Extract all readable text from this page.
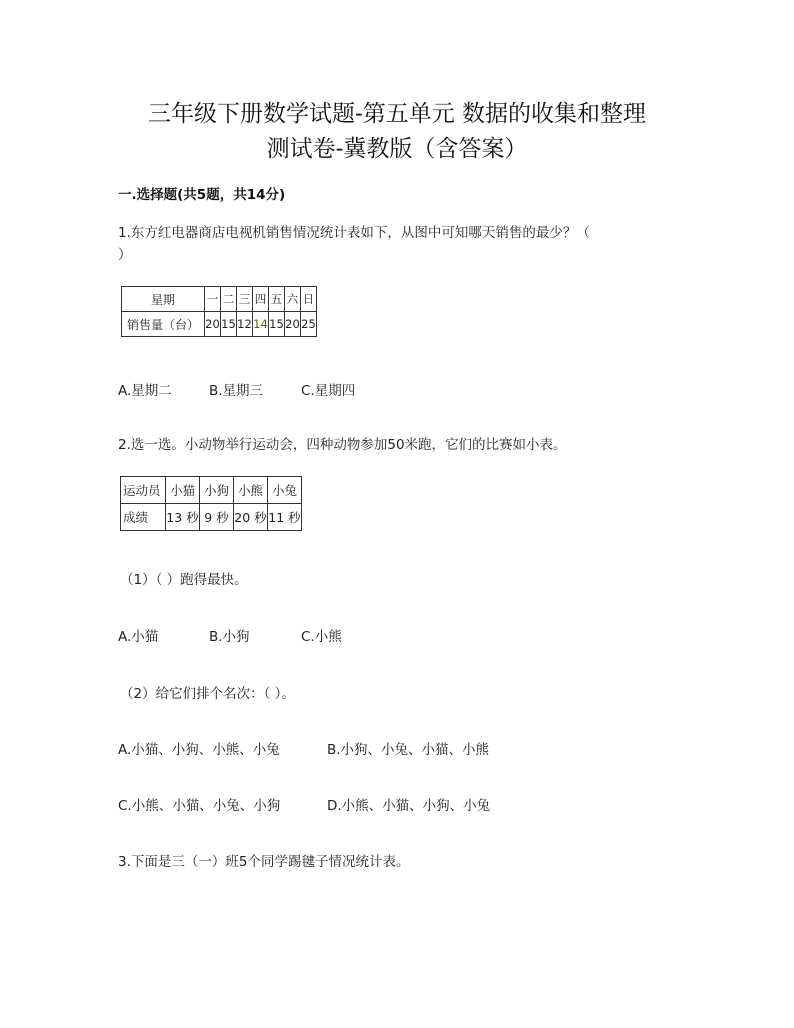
三年级下册数学试题-第五单元 数据的收集和整理
测试卷-冀教版（含答案）
一.选择题(共5题，共14分)
1.东方红电器商店电视机销售情况统计表如下，从图中可知哪天销售的最少？（
）
星期	一	二	三	四	五	六	日
销售量（台）	20	15	12	14	15	20	25
A.星期二	B.星期三	C.星期四
2.选一选。小动物举行运动会，四种动物参加50米跑，它们的比赛如小表。
运动员	小猫	小狗	小熊	小兔
成绩	13 秒	9 秒	20 秒	11 秒
（1）（ ）跑得最快。
A.小猫	B.小狗	C.小熊
（2）给它们排个名次：（ ）。
A.小猫、小狗、小熊、小兔	B.小狗、小兔、小猫、小熊
C.小熊、小猫、小兔、小狗	D.小熊、小猫、小狗、小兔
3.下面是三（一）班5个同学踢毽子情况统计表。
